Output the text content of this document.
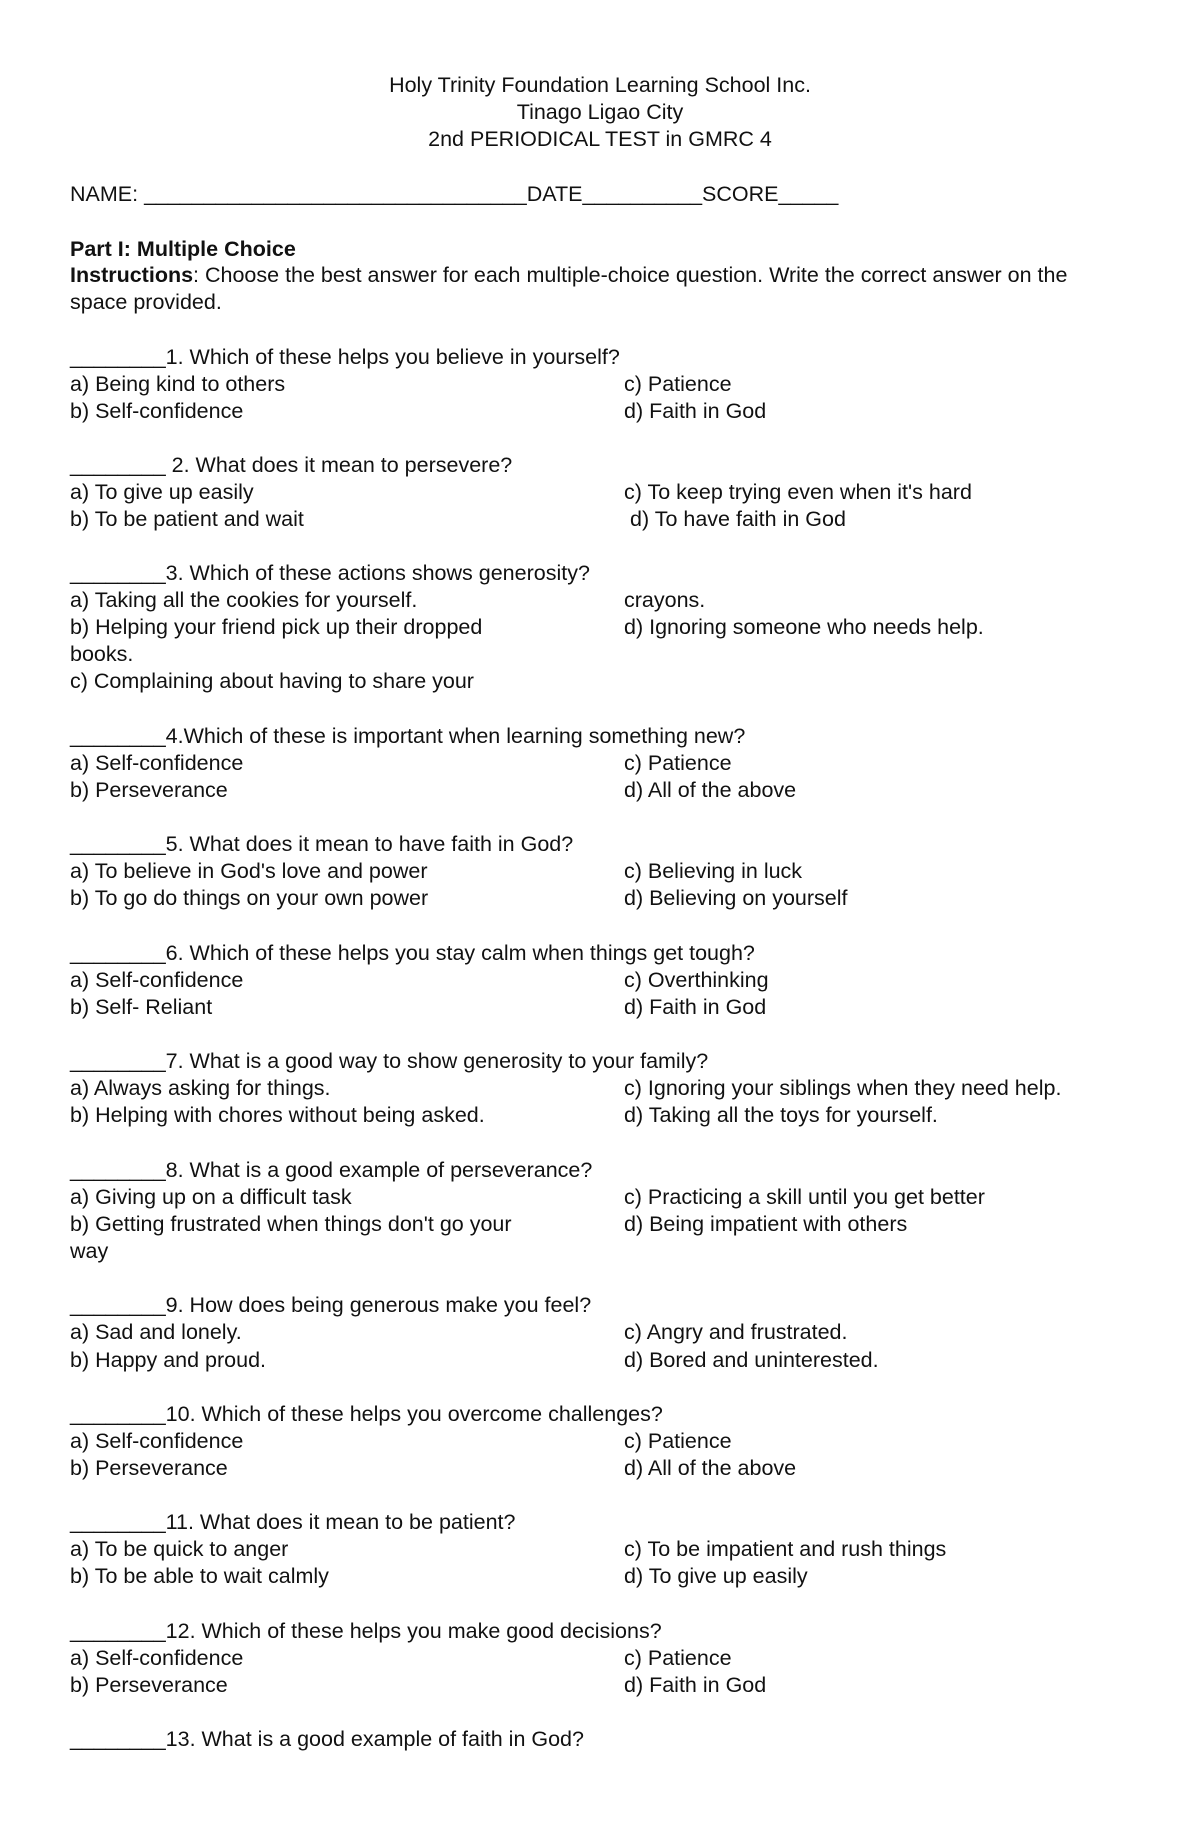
Holy Trinity Foundation Learning School Inc.
Tinago Ligao City
2nd PERIODICAL TEST in GMRC 4
NAME: ________________________________DATE__________SCORE_____
Part I: Multiple Choice
Instructions: Choose the best answer for each multiple-choice question. Write the correct answer on the space provided.
________1. Which of these helps you believe in yourself?
a) Being kind to others
b) Self-confidence
c) Patience
d) Faith in God
________ 2. What does it mean to persevere?
a) To give up easily
b) To be patient and wait
c) To keep trying even when it's hard
d) To have faith in God
________3. Which of these actions shows generosity?
a) Taking all the cookies for yourself.
b) Helping your friend pick up their dropped
books.
c) Complaining about having to share your
crayons.
d) Ignoring someone who needs help.
________4.Which of these is important when learning something new?
a) Self-confidence
b) Perseverance
c) Patience
d) All of the above
________5. What does it mean to have faith in God?
a) To believe in God's love and power
b) To go do things on your own power
c) Believing in luck
d) Believing on yourself
________6. Which of these helps you stay calm when things get tough?
a) Self-confidence
b) Self- Reliant
c) Overthinking
d) Faith in God
________7. What is a good way to show generosity to your family?
a) Always asking for things.
b) Helping with chores without being asked.
c) Ignoring your siblings when they need help.
d) Taking all the toys for yourself.
________8. What is a good example of perseverance?
a) Giving up on a difficult task
b) Getting frustrated when things don't go your
way
c) Practicing a skill until you get better
d) Being impatient with others
________9. How does being generous make you feel?
a) Sad and lonely.
b) Happy and proud.
c) Angry and frustrated.
d) Bored and uninterested.
________10. Which of these helps you overcome challenges?
a) Self-confidence
b) Perseverance
c) Patience
d) All of the above
________11. What does it mean to be patient?
a) To be quick to anger
b) To be able to wait calmly
c) To be impatient and rush things
d) To give up easily
________12. Which of these helps you make good decisions?
a) Self-confidence
b) Perseverance
c) Patience
d) Faith in God
________13. What is a good example of faith in God?
